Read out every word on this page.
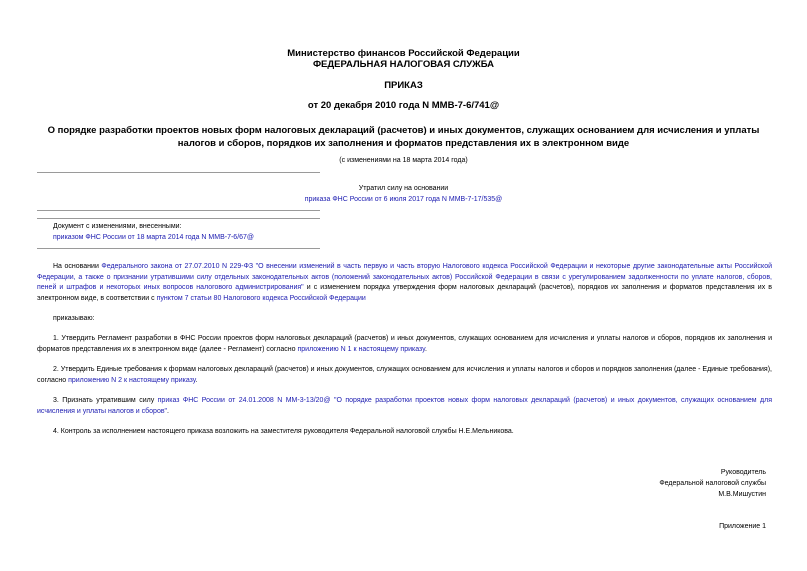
Министерство финансов Российской Федерации
ФЕДЕРАЛЬНАЯ НАЛОГОВАЯ СЛУЖБА
ПРИКАЗ
от 20 декабря 2010 года N ММВ-7-6/741@
О порядке разработки проектов новых форм налоговых деклараций (расчетов) и иных документов, служащих основанием для исчисления и уплаты налогов и сборов, порядков их заполнения и форматов представления их в электронном виде
(с изменениями на 18 марта 2014 года)
Утратил силу на основании
приказа ФНС России от 6 июля 2017 года N ММВ-7-17/535@
Документ с изменениями, внесенными:
приказом ФНС России от 18 марта 2014 года N ММВ-7-6/67@
На основании Федерального закона от 27.07.2010 N 229-ФЗ "О внесении изменений в часть первую и часть вторую Налогового кодекса Российской Федерации и некоторые другие законодательные акты Российской Федерации, а также о признании утратившими силу отдельных законодательных актов (положений законодательных актов) Российской Федерации в связи с урегулированием задолженности по уплате налогов, сборов, пеней и штрафов и некоторых иных вопросов налогового администрирования" и с изменением порядка утверждения форм налоговых деклараций (расчетов), порядков их заполнения и форматов представления их в электронном виде, в соответствии с пунктом 7 статьи 80 Налогового кодекса Российской Федерации
приказываю:
1. Утвердить Регламент разработки в ФНС России проектов форм налоговых деклараций (расчетов) и иных документов, служащих основанием для исчисления и уплаты налогов и сборов, порядков их заполнения и форматов представления их в электронном виде (далее - Регламент) согласно приложению N 1 к настоящему приказу.
2. Утвердить Единые требования к формам налоговых деклараций (расчетов) и иных документов, служащих основанием для исчисления и уплаты налогов и сборов и порядков заполнения (далее - Единые требования), согласно приложению N 2 к настоящему приказу.
3. Признать утратившим силу приказ ФНС России от 24.01.2008 N ММ-3-13/20@ "О порядке разработки проектов новых форм налоговых деклараций (расчетов) и иных документов, служащих основанием для исчисления и уплаты налогов и сборов".
4. Контроль за исполнением настоящего приказа возложить на заместителя руководителя Федеральной налоговой службы Н.Е.Мельникова.
Руководитель
Федеральной налоговой службы
М.В.Мишустин
Приложение 1
